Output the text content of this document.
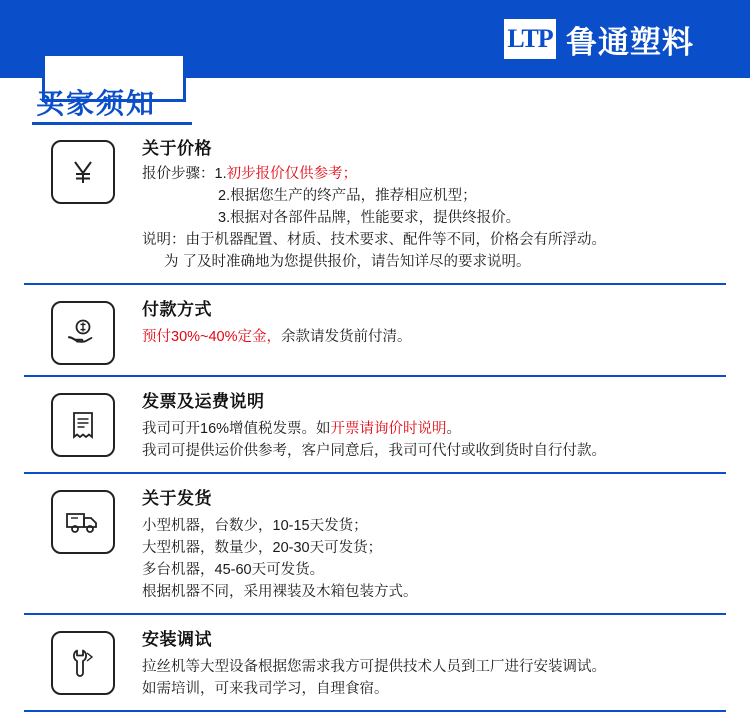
LTP 鲁通塑料
买家须知
关于价格
报价步骤：1.初步报价仅供参考；
2.根据您生产的终产品，推荐相应机型；
3.根据对各部件品牌，性能要求，提供终报价。
说明：由于机器配置、材质、技术要求、配件等不同，价格会有所浮动。
为 了及时准确地为您提供报价，请告知详尽的要求说明。
付款方式
预付30%~40%定金，余款请发货前付清。
发票及运费说明
我司可开16%增值税发票。如开票请询价时说明。
我司可提供运价供参考，客户同意后，我司可代付或收到货时自行付款。
关于发货
小型机器，台数少，10-15天发货；
大型机器，数量少，20-30天可发货；
多台机器，45-60天可发货。
根据机器不同，采用裸装及木箱包装方式。
安装调试
拉丝机等大型设备根据您需求我方可提供技术人员到工厂进行安装调试。
如需培训，可来我司学习，自理食宿。
